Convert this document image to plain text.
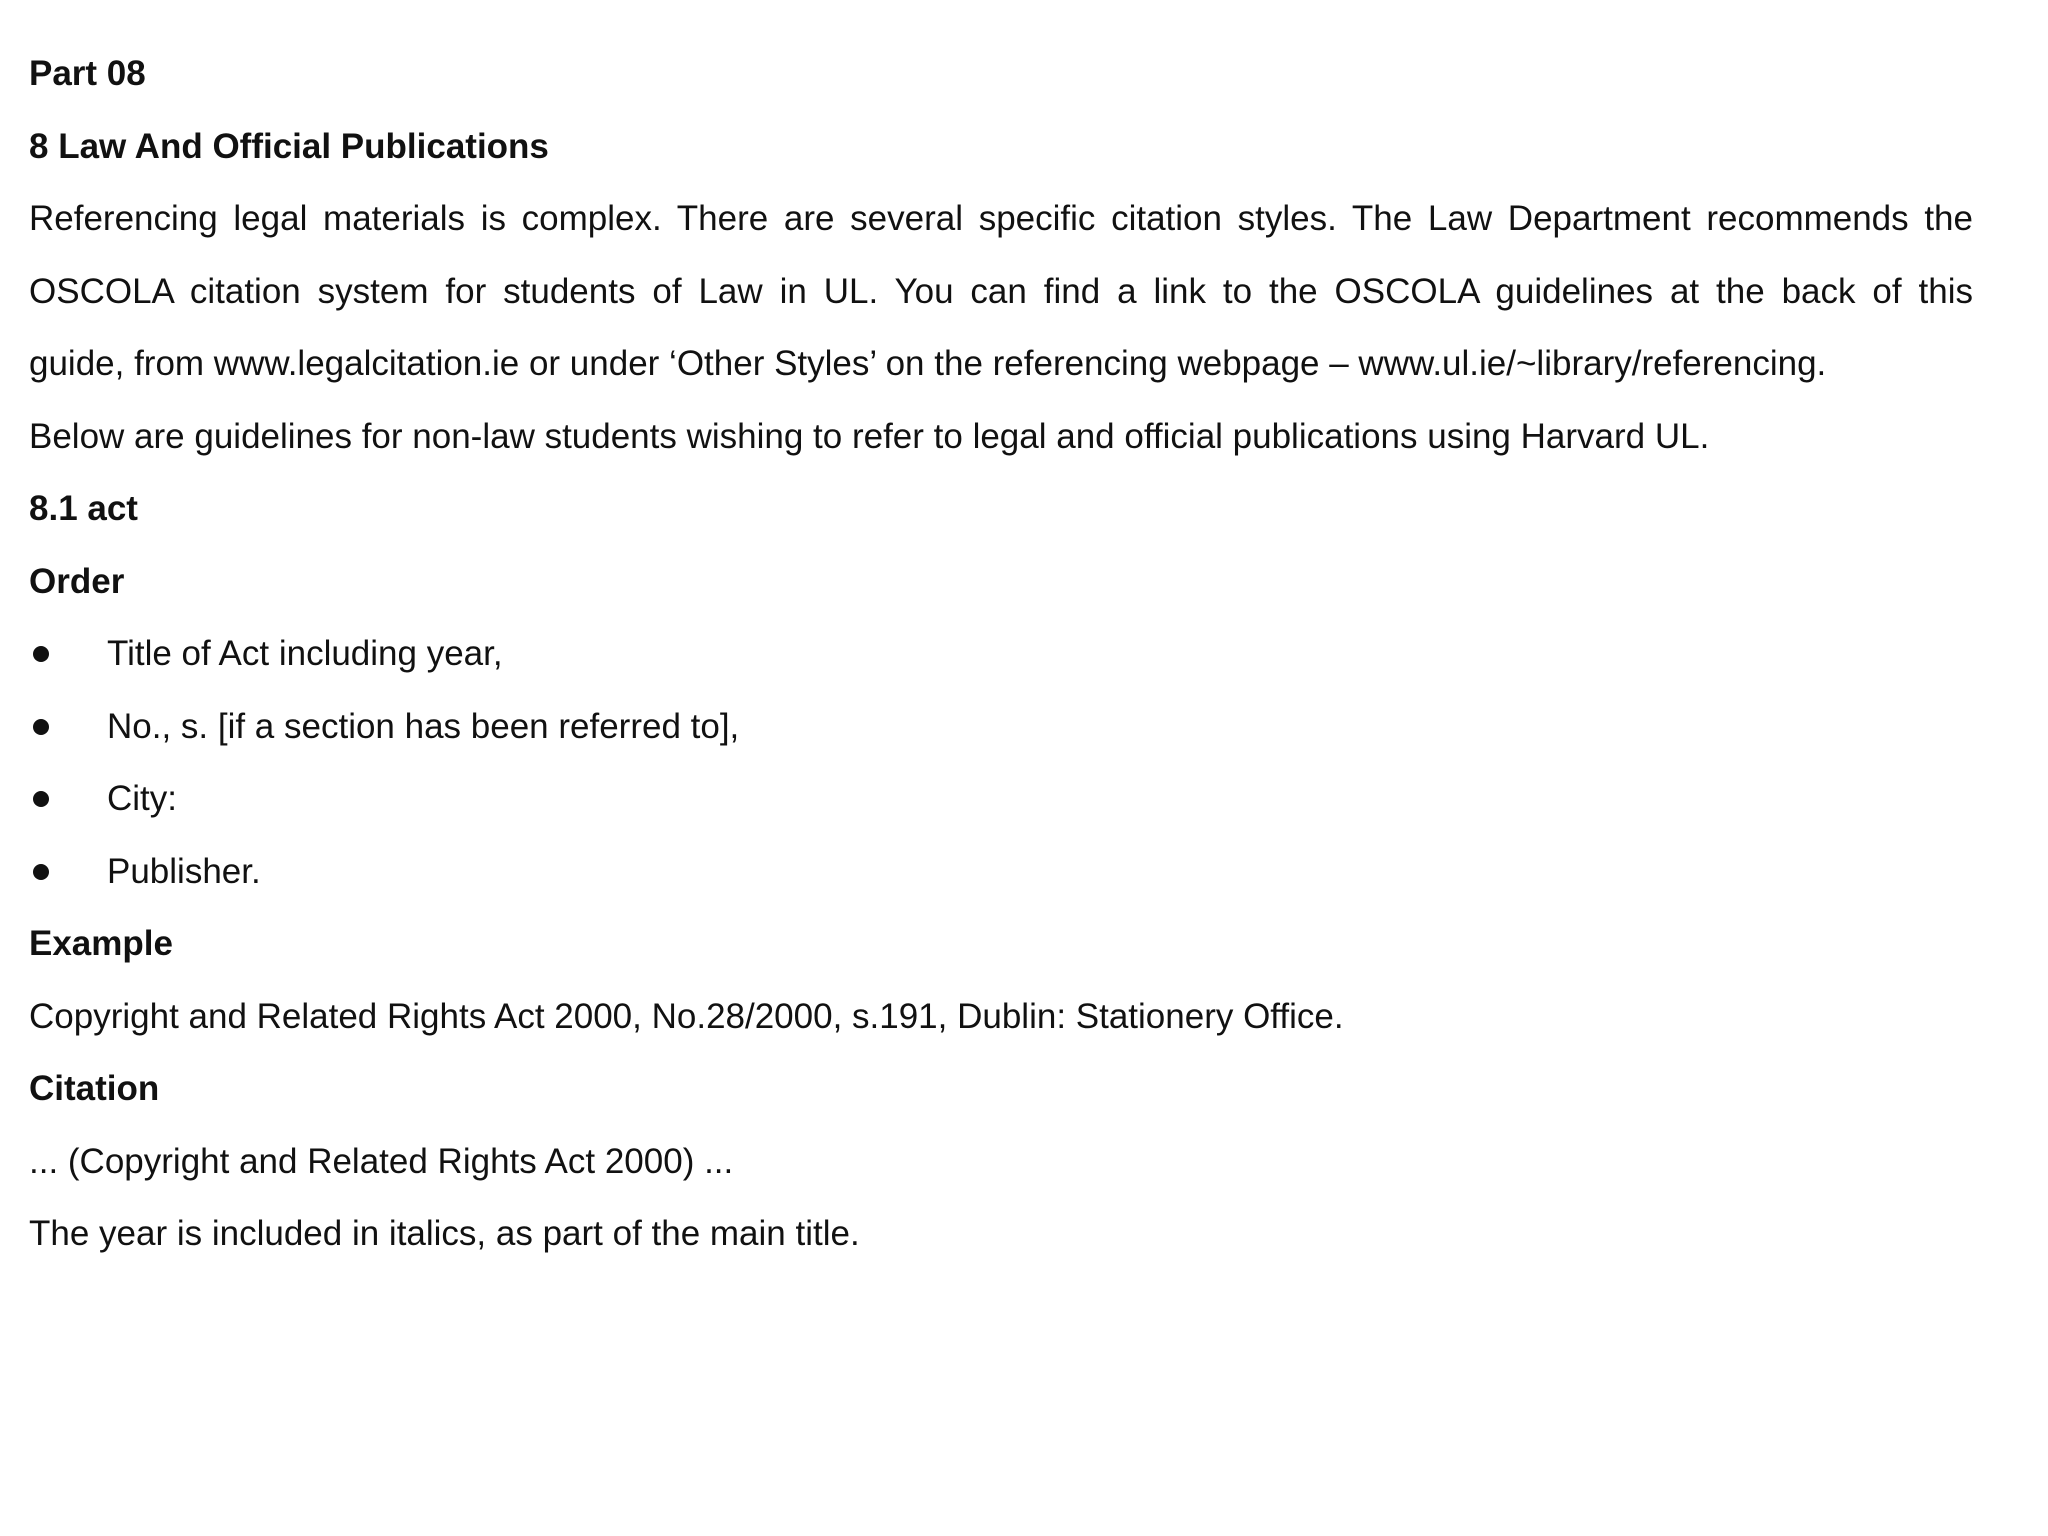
Part 08

8 Law And Official Publications

Referencing legal materials is complex. There are several specific citation styles. The Law Department recommends the

OSCOLA citation system for students of Law in UL. You can find a link to the OSCOLA guidelines at the back of this

guide, from www.legalcitation.ie or under ‘Other Styles’ on the referencing webpage – www.ul.ie/~library/referencing.

Below are guidelines for non-law students wishing to refer to legal and official publications using Harvard UL.

8.1 act

Order

Title of Act including year,
No., s. [if a section has been referred to],
City:
Publisher.

Example

Copyright and Related Rights Act 2000, No.28/2000, s.191, Dublin: Stationery Office.

Citation

... (Copyright and Related Rights Act 2000) ...

The year is included in italics, as part of the main title.
